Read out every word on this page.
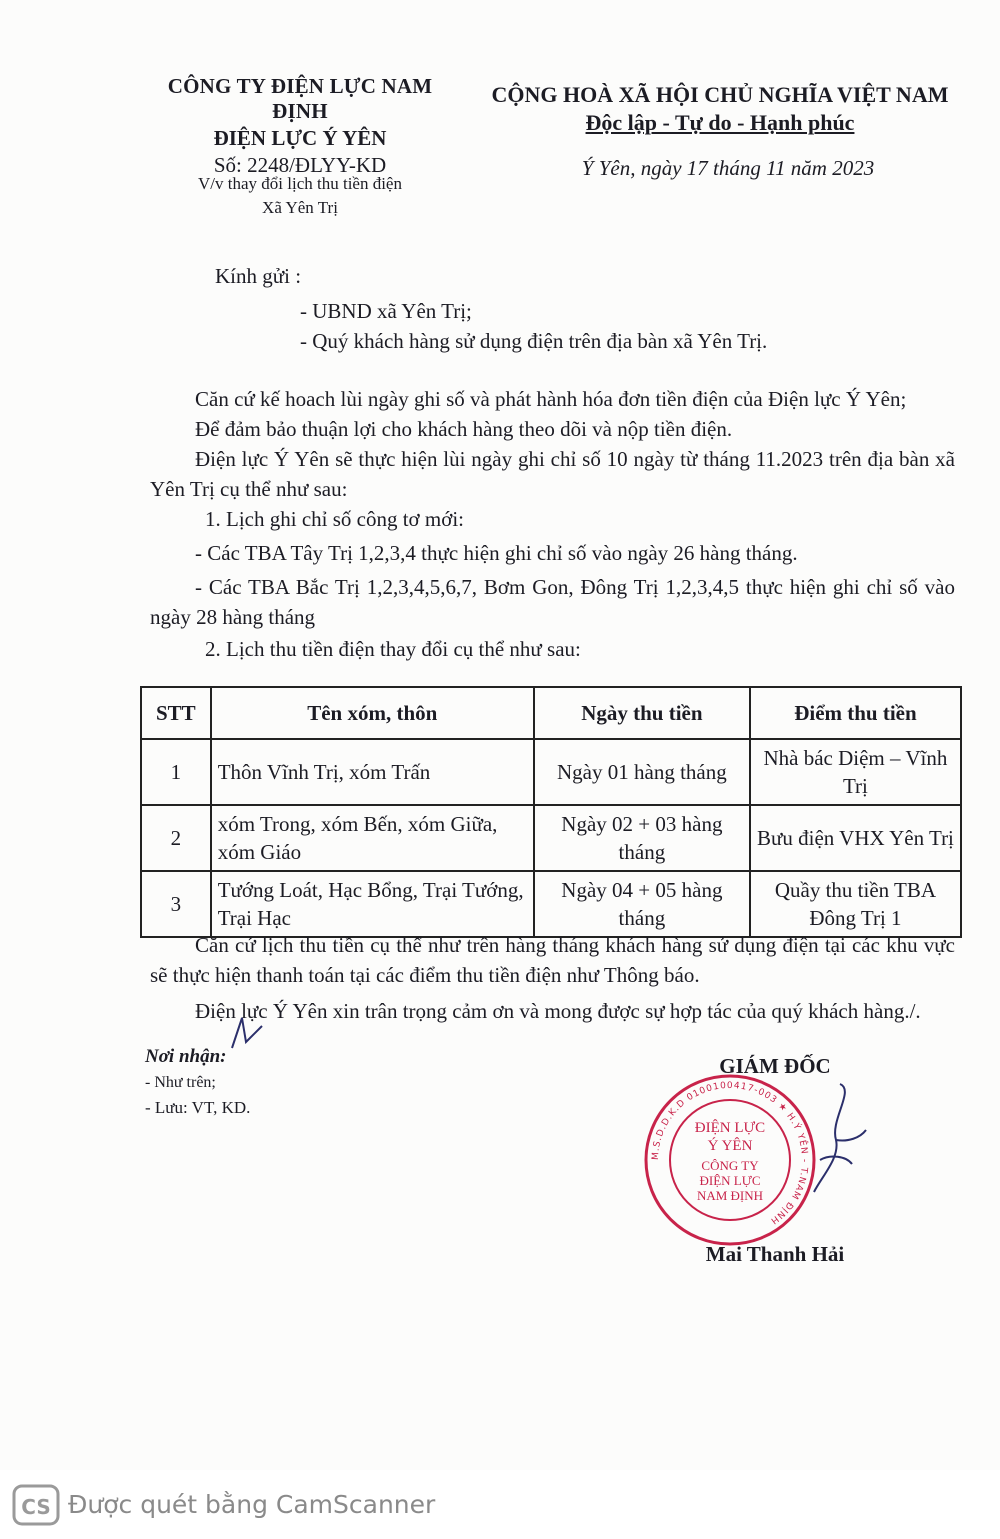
CÔNG TY ĐIỆN LỰC NAM ĐỊNH
ĐIỆN LỰC Ý YÊN
Số: 2248/ĐLYY-KD
V/v thay đổi lịch thu tiền điện
Xã Yên Trị
CỘNG HOÀ XÃ HỘI CHỦ NGHĨA VIỆT NAM
Độc lập - Tự do - Hạnh phúc
Ý Yên, ngày 17 tháng 11 năm 2023
Kính gửi :
- UBND xã Yên Trị;
- Quý khách hàng sử dụng điện trên địa bàn xã Yên Trị.
Căn cứ kế hoach lùi ngày ghi số và phát hành hóa đơn tiền điện của Điện lực Ý Yên;
Để đảm bảo thuận lợi cho khách hàng theo dõi và nộp tiền điện.
Điện lực Ý Yên sẽ thực hiện lùi ngày ghi chỉ số 10 ngày từ tháng 11.2023 trên địa bàn xã Yên Trị cụ thể như sau:
1. Lịch ghi chỉ số công tơ mới:
- Các TBA Tây Trị 1,2,3,4 thực hiện ghi chỉ số vào ngày 26 hàng tháng.
- Các TBA Bắc Trị 1,2,3,4,5,6,7, Bơm Gon, Đông Trị 1,2,3,4,5 thực hiện ghi chỉ số vào ngày 28 hàng tháng
2. Lịch thu tiền điện thay đổi cụ thể như sau:
STT	Tên xóm, thôn	Ngày thu tiền	Điểm thu tiền
1	Thôn Vĩnh Trị, xóm Trấn	Ngày 01 hàng tháng	Nhà bác Diệm – Vĩnh Trị
2	xóm Trong, xóm Bến, xóm Giữa, xóm Giáo	Ngày 02 + 03 hàng tháng	Bưu điện VHX Yên Trị
3	Tướng Loát, Hạc Bổng, Trại Tướng, Trại Hạc	Ngày 04 + 05 hàng tháng	Quầy thu tiền TBA Đông Trị 1
Căn cứ lịch thu tiền cụ thể như trên hàng tháng khách hàng sử dụng điện tại các khu vực sẽ thực hiện thanh toán tại các điểm thu tiền điện như Thông báo.
Điện lực Ý Yên xin trân trọng cảm ơn và mong được sự hợp tác của quý khách hàng./.
Nơi nhận:
- Như trên;
- Lưu: VT, KD.
GIÁM ĐỐC
M.S.D.D.K.D 0100100417-003 ★ H.Ý YÊN - T.NAM ĐỊNH
ĐIỆN LỰC
Ý YÊN
CÔNG TY
ĐIỆN LỰC
NAM ĐỊNH
Mai Thanh Hải
CS Được quét bằng CamScanner
